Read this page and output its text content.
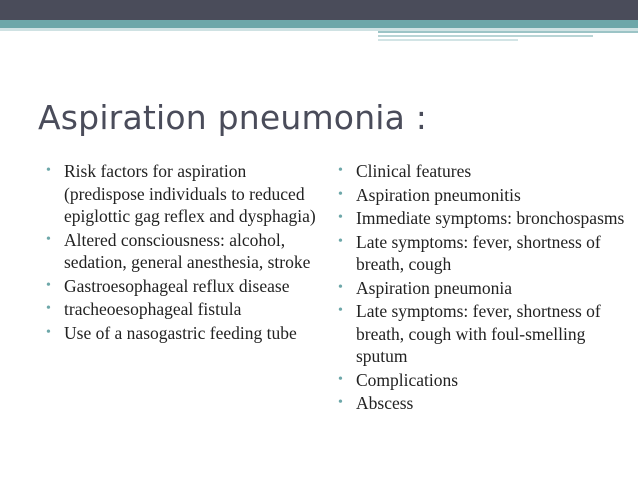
Aspiration pneumonia :
• Risk factors for aspiration (predispose individuals to reduced epiglottic gag reflex and dysphagia)
• Altered consciousness: alcohol, sedation, general anesthesia, stroke
• Gastroesophageal reflux disease
• tracheoesophageal fistula
• Use of a nasogastric feeding tube
• Clinical features
• Aspiration pneumonitis
• Immediate symptoms: bronchospasms
• Late symptoms: fever, shortness of breath, cough
• Aspiration pneumonia
• Late symptoms: fever, shortness of breath, cough with foul-smelling sputum
• Complications
• Abscess
